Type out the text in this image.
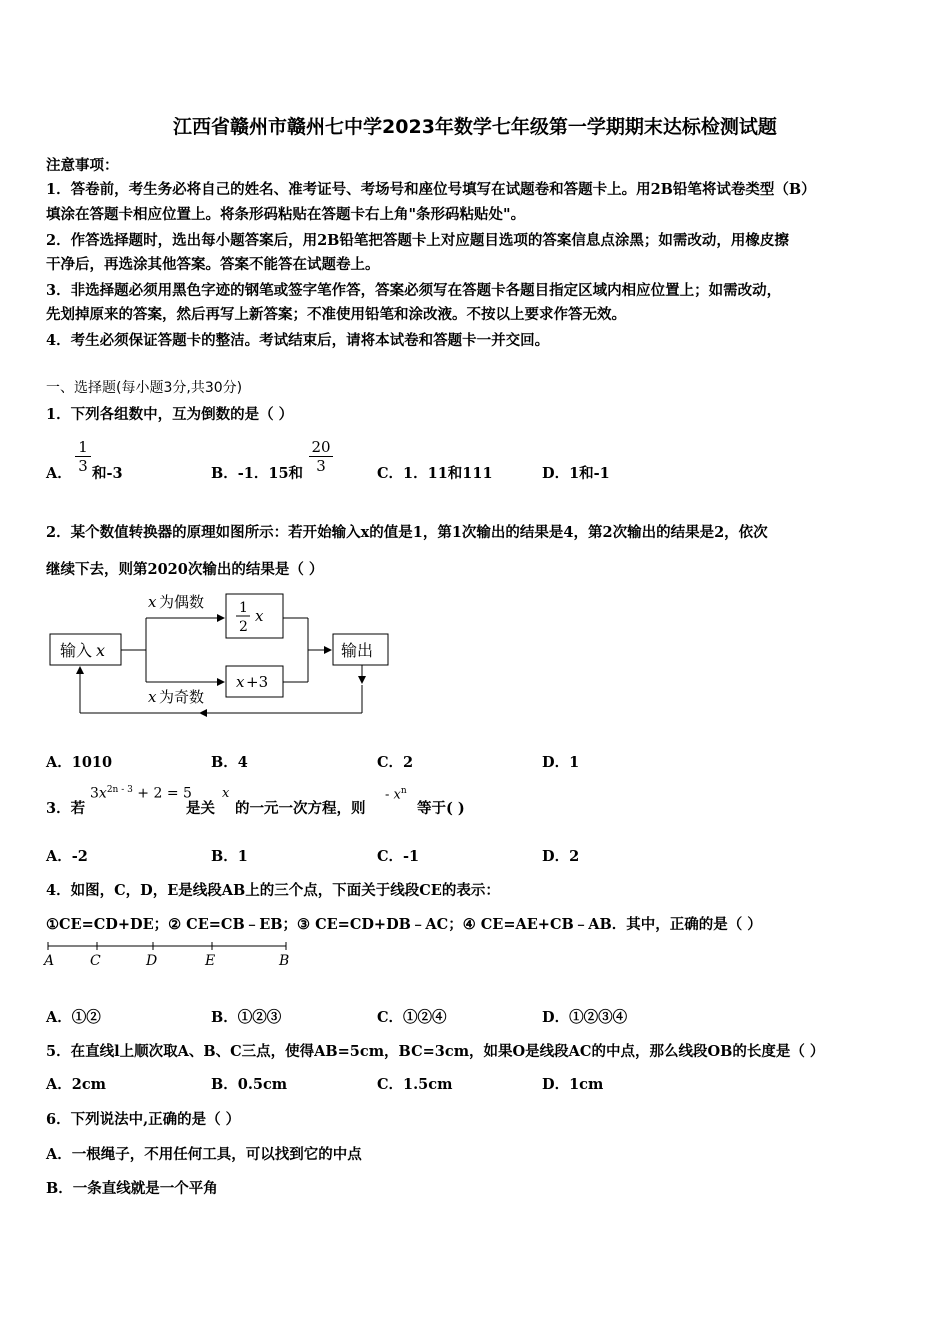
江西省赣州市赣州七中学2023年数学七年级第一学期期末达标检测试题
注意事项：
1．答卷前，考生务必将自己的姓名、准考证号、考场号和座位号填写在试题卷和答题卡上。用2B铅笔将试卷类型（B）
填涂在答题卡相应位置上。将条形码粘贴在答题卡右上角"条形码粘贴处"。
2．作答选择题时，选出每小题答案后，用2B铅笔把答题卡上对应题目选项的答案信息点涂黑；如需改动，用橡皮擦
干净后，再选涂其他答案。答案不能答在试题卷上。
3．非选择题必须用黑色字迹的钢笔或签字笔作答，答案必须写在答题卡各题目指定区域内相应位置上；如需改动，
先划掉原来的答案，然后再写上新答案；不准使用铅笔和涂改液。不按以上要求作答无效。
4．考生必须保证答题卡的整洁。考试结束后，请将本试卷和答题卡一并交回。
一、选择题(每小题3分,共30分)
1．下列各组数中，互为倒数的是（ ）
A． $\frac{1}{3}$ 和-3	B．-1．15和 $\frac{20}{3}$	C．1．11和111	D．1和-1
2．某个数值转换器的原理如图所示：若开始输入x的值是1，第1次输出的结果是4，第2次输出的结果是2，依次
继续下去，则第2020次输出的结果是（ ）
输入 x
x 为偶数
x 为奇数
1
2
x
x +3
输出
A．1010	B．4	C．2	D．1
3．若
$3x^{2n - 3} + 2 = 5$
是关
x
的一元一次方程，则
- $x^n$
等于( )
A．-2	B．1	C．-1	D．2
4．如图，C，D，E是线段AB上的三个点，下面关于线段CE的表示：
①CE=CD+DE；② CE=CB﹣EB；③ CE=CD+DB﹣AC；④ CE=AE+CB﹣AB．其中，正确的是（ ）
A	C	D	E	B
A．①②	B．①②③	C．①②④	D．①②③④
5．在直线l上顺次取A、B、C三点，使得AB=5cm，BC=3cm，如果O是线段AC的中点，那么线段OB的长度是（ ）
A．2cm	B．0.5cm	C．1.5cm	D．1cm
6．下列说法中,正确的是（ ）
A．一根绳子，不用任何工具，可以找到它的中点
B．一条直线就是一个平角
